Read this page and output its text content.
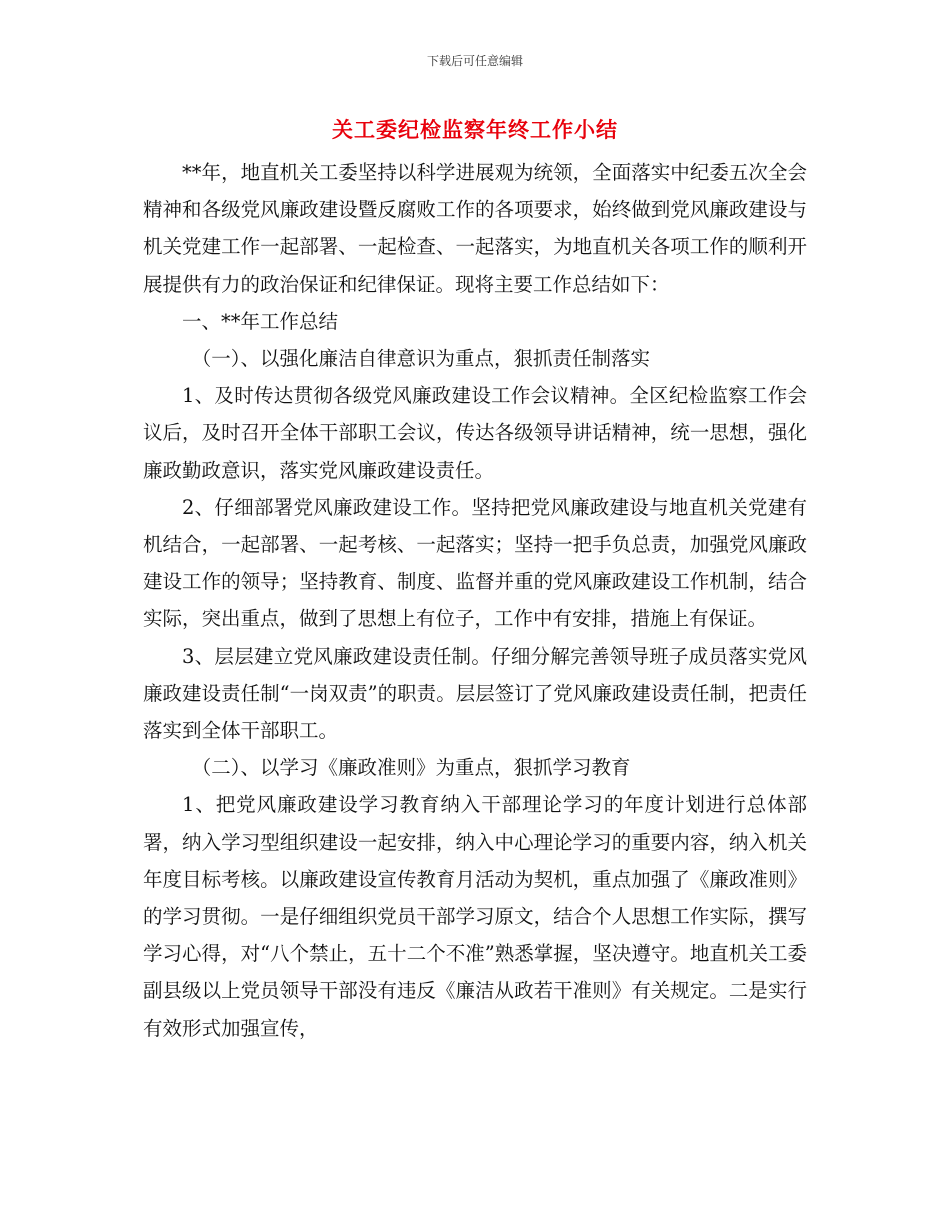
下载后可任意编辑
关工委纪检监察年终工作小结

**年，地直机关工委坚持以科学进展观为统领，全面落实中纪委五次全会精神和各级党风廉政建设暨反腐败工作的各项要求，始终做到党风廉政建设与机关党建工作一起部署、一起检查、一起落实，为地直机关各项工作的顺利开展提供有力的政治保证和纪律保证。现将主要工作总结如下：

一、**年工作总结

（一）、以强化廉洁自律意识为重点，狠抓责任制落实

1、及时传达贯彻各级党风廉政建设工作会议精神。全区纪检监察工作会议后，及时召开全体干部职工会议，传达各级领导讲话精神，统一思想，强化廉政勤政意识，落实党风廉政建设责任。

2、仔细部署党风廉政建设工作。坚持把党风廉政建设与地直机关党建有机结合，一起部署、一起考核、一起落实；坚持一把手负总责，加强党风廉政建设工作的领导；坚持教育、制度、监督并重的党风廉政建设工作机制，结合实际，突出重点，做到了思想上有位子，工作中有安排，措施上有保证。

3、层层建立党风廉政建设责任制。仔细分解完善领导班子成员落实党风廉政建设责任制“一岗双责”的职责。层层签订了党风廉政建设责任制，把责任落实到全体干部职工。

（二）、以学习《廉政准则》为重点，狠抓学习教育

1、把党风廉政建设学习教育纳入干部理论学习的年度计划进行总体部署，纳入学习型组织建设一起安排，纳入中心理论学习的重要内容，纳入机关年度目标考核。以廉政建设宣传教育月活动为契机，重点加强了《廉政准则》的学习贯彻。一是仔细组织党员干部学习原文，结合个人思想工作实际，撰写学习心得，对“八个禁止，五十二个不准”熟悉掌握，坚决遵守。地直机关工委副县级以上党员领导干部没有违反《廉洁从政若干准则》有关规定。二是实行有效形式加强宣传，
